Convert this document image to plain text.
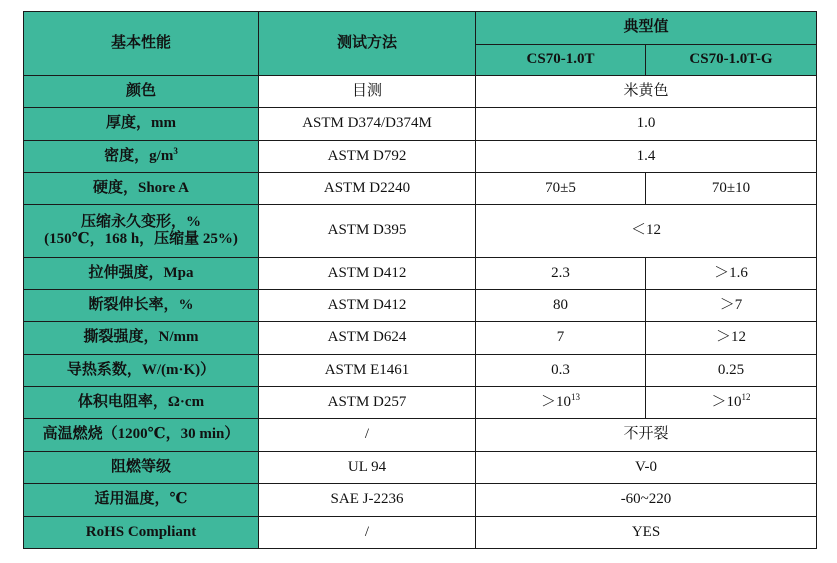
基本性能	测试方法	典型值	
		CS70-1.0T	CS70-1.0T-G
颜色	目测	米黄色	
厚度，mm	ASTM D374/D374M	1.0	
密度，$g/m^3$	ASTM D792	1.4	
硬度，Shore A	ASTM D2240	70±5	70±10

压缩永久变形，%
(150℃，168 h，压缩量 25%)	ASTM D395	＜12	
拉伸强度，Mpa	ASTM D412	2.3	＞1.6
断裂伸长率，%	ASTM D412	80	＞7
撕裂强度，N/mm	ASTM D624	7	＞12
导热系数，W/(m·K)）	ASTM E1461	0.3	0.25
体积电阻率，Ω·cm	ASTM D257	$>10^{13}$	$>10^{12}$
高温燃烧（1200℃，30 min）	/	不开裂	
阻燃等级	UL 94	V-0	
适用温度，℃	SAE J-2236	-60~220	
RoHS Compliant	/	YES	
